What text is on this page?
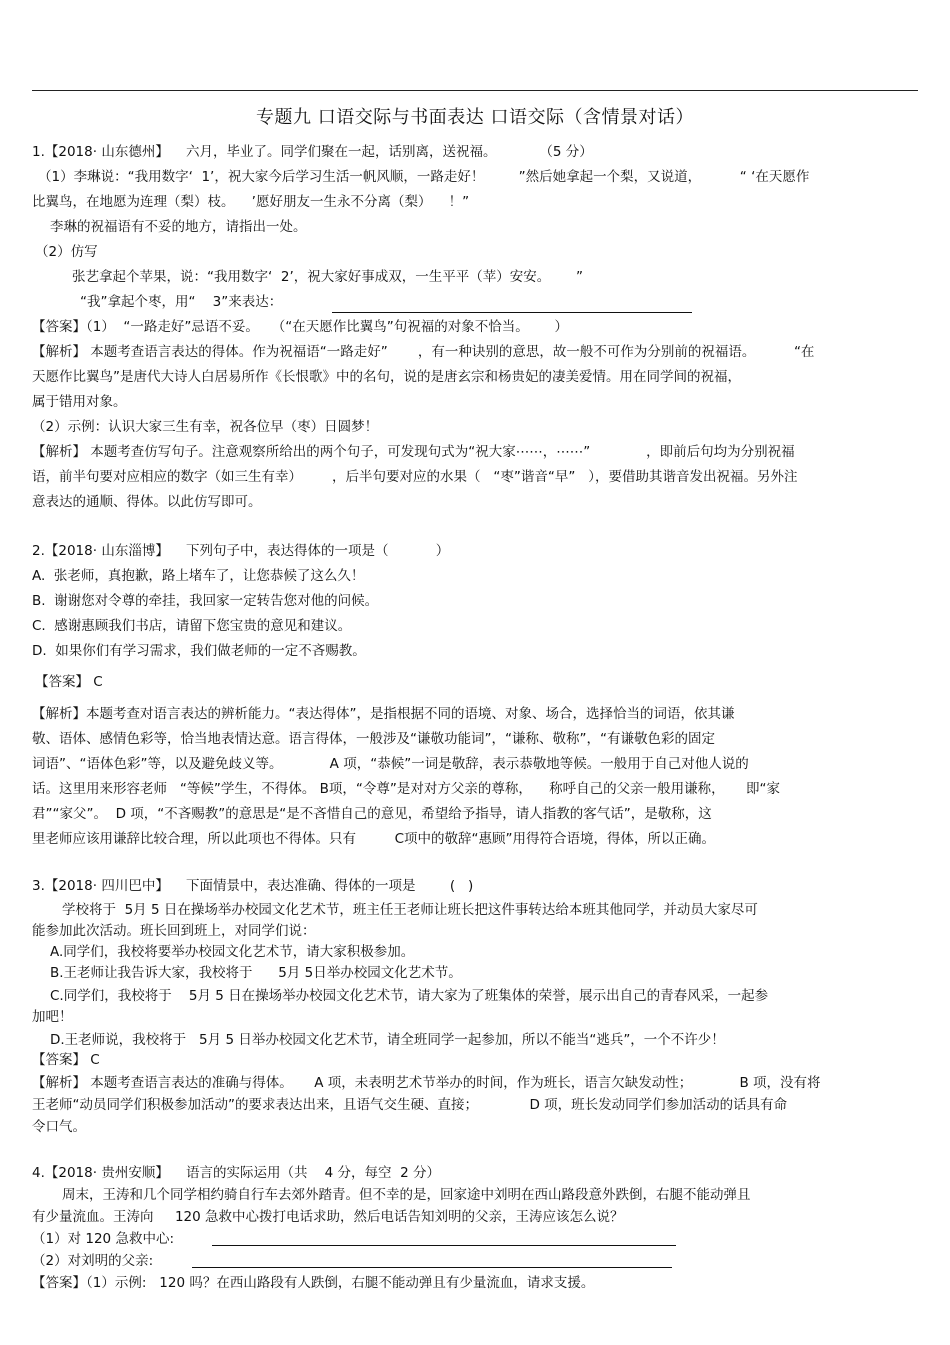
专题九 口语交际与书面表达 口语交际（含情景对话）
1.【2018· 山东德州】    六月，毕业了。同学们聚在一起，话别离，送祝福。          （5 分）
（1）李琳说：“我用数字‘  1’，祝大家今后学习生活一帆风顺，一路走好！        ”然后她拿起一个梨，又说道，         “ ‘在天愿作
比翼鸟，在地愿为连理（梨）枝。    ’愿好朋友一生永不分离（梨）    ！”
李琳的祝福语有不妥的地方，请指出一处。
（2）仿写
张艺拿起个苹果，说：“我用数字‘  2’，祝大家好事成双，一生平平（苹）安安。      ”
“我”拿起个枣，用“    3”来表达：
【答案】（1）  “一路走好”忌语不妥。   （“在天愿作比翼鸟”句祝福的对象不恰当。      ）
【解析】 本题考查语言表达的得体。作为祝福语“一路走好”       ，有一种诀别的意思，故一般不可作为分别前的祝福语。         “在
天愿作比翼鸟”是唐代大诗人白居易所作《长恨歌》中的名句，说的是唐玄宗和杨贵妃的凄美爱情。用在同学间的祝福，
属于错用对象。
（2）示例：认识大家三生有幸，祝各位早（枣）日圆梦！
【解析】 本题考查仿写句子。注意观察所给出的两个句子，可发现句式为“祝大家⋯⋯，⋯⋯”             ，即前后句均为分别祝福
语，前半句要对应相应的数字（如三生有幸）       ，后半句要对应的水果（   “枣”谐音“早”   ），要借助其谐音发出祝福。另外注
意表达的通顺、得体。以此仿写即可。
2.【2018· 山东淄博】    下列句子中，表达得体的一项是（           ）
A.  张老师，真抱歉，路上堵车了，让您恭候了这么久！
B.  谢谢您对令尊的牵挂，我回家一定转告您对他的问候。
C.  感谢惠顾我们书店，请留下您宝贵的意见和建议。
D.  如果你们有学习需求，我们做老师的一定不吝赐教。
【答案】 C
【解析】本题考查对语言表达的辨析能力。“表达得体”，是指根据不同的语境、对象、场合，选择恰当的词语，依其谦
敬、语体、感情色彩等，恰当地表情达意。语言得体，一般涉及“谦敬功能词”，“谦称、敬称”，“有谦敬色彩的固定
词语”、“语体色彩”等，以及避免歧义等。           A 项，“恭候”一词是敬辞，表示恭敬地等候。一般用于自己对他人说的
话。这里用来形容老师   “等候”学生，不得体。 B项，“令尊”是对对方父亲的尊称，    称呼自己的父亲一般用谦称，     即“家
君”“家父”。  D 项，“不吝赐教”的意思是“是不吝惜自己的意见，希望给予指导，请人指教的客气话”，是敬称，这
里老师应该用谦辞比较合理，所以此项也不得体。只有         C项中的敬辞“惠顾”用得符合语境，得体，所以正确。
3.【2018· 四川巴中】    下面情景中，表达准确、得体的一项是        (   )
学校将于  5月 5 日在操场举办校园文化艺术节，班主任王老师让班长把这件事转达给本班其他同学，并动员大家尽可
能参加此次活动。班长回到班上，对同学们说：
A.同学们，我校将要举办校园文化艺术节，请大家积极参加。
B.王老师让我告诉大家，我校将于      5月 5日举办校园文化艺术节。
C.同学们，我校将于    5月 5 日在操场举办校园文化艺术节，请大家为了班集体的荣誉，展示出自己的青春风采，一起参
加吧！
D.王老师说，我校将于   5月 5 日举办校园文化艺术节，请全班同学一起参加，所以不能当“逃兵”，一个不许少！
【答案】 C
【解析】 本题考查语言表达的准确与得体。     A 项，未表明艺术节举办的时间，作为班长，语言欠缺发动性；           B 项，没有将
王老师“动员同学们积极参加活动”的要求表达出来，且语气交生硬、直接；            D 项，班长发动同学们参加活动的话具有命
令口气。
4.【2018· 贵州安顺】    语言的实际运用（共    4 分，每空  2 分）
周末，王涛和几个同学相约骑自行车去郊外踏青。但不幸的是，回家途中刘明在西山路段意外跌倒，右腿不能动弹且
有少量流血。王涛向     120 急救中心拨打电话求助，然后电话告知刘明的父亲，王涛应该怎么说？
（1）对 120 急救中心:
（2）对刘明的父亲:
【答案】（1）示例:   120 吗？在西山路段有人跌倒，右腿不能动弹且有少量流血，请求支援。
